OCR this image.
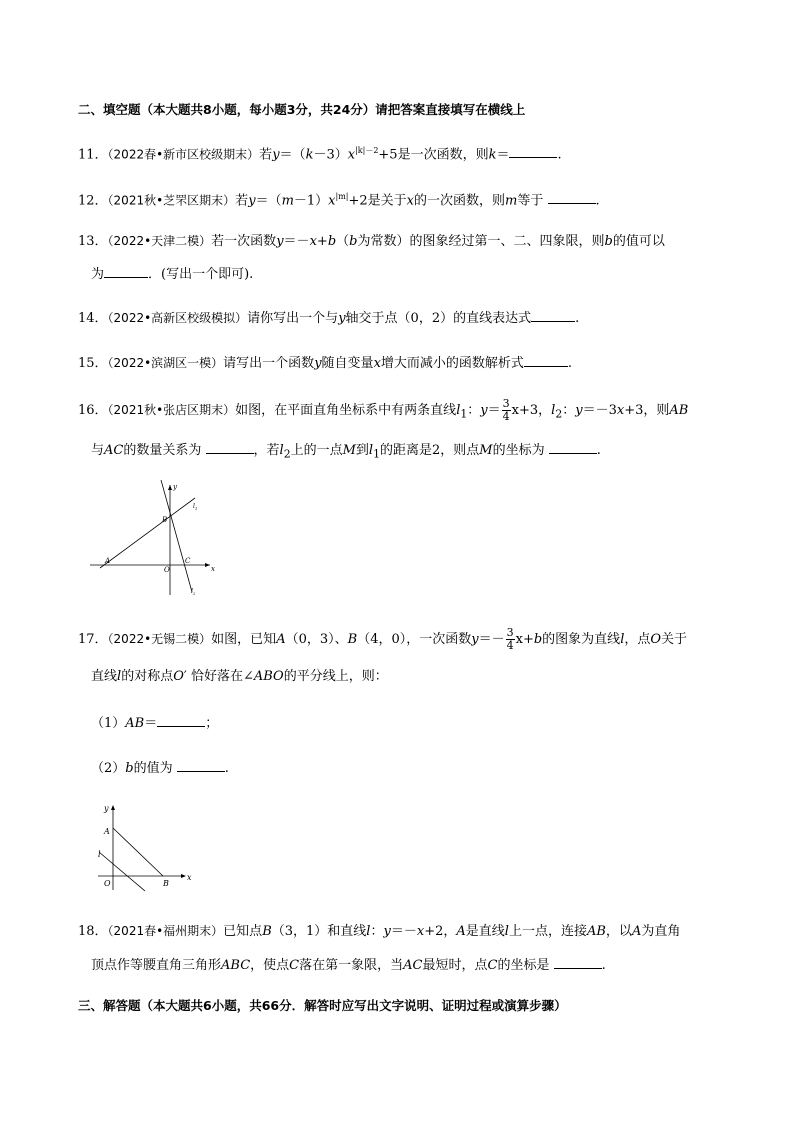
二、填空题（本大题共8小题，每小题3分，共24分）请把答案直接填写在横线上
11．（2022春•新市区校级期末）若$y=(k-3)x^{|k|-2}+5$是一次函数，则k＝	.
12．（2021秋•芝罘区期末）若$y=(m-1)x^{|m|}+2$是关于x的一次函数，则m等于	.
13．（2022•天津二模）若一次函数y＝－x+b（b为常数）的图象经过第一、二、四象限，则b的值可以
为	．(写出一个即可).
14．（2022•高新区校级模拟）请你写出一个与y轴交于点（0，2）的直线表达式	.
15．（2022•滨湖区一模）请写出一个函数y随自变量x增大而减小的函数解析式	.
16．（2021秋•张店区期末）如图，在平面直角坐标系中有两条直线$l_1$：$y= \frac{3}{4} x+3$，$l_2$：y＝－3x+3，则AB
与AC的数量关系为	，若$l_2$上的一点M到$l_1$的距离是2，则点M的坐标为	.
y
x
B
A
O
C
$l_1$
$l_2$
17．（2022•无锡二模）如图，已知A（0，3）、B（4，0），一次函数$y=- \frac{3}{4} x+b$的图象为直线l，点O关于
直线l的对称点O′ 恰好落在∠ABO的平分线上，则：
（1）AB＝	；
（2）b的值为	.
y
A
l
O	B
x
18．（2021春•福州期末）已知点B（3，1）和直线l：y＝－x+2，A是直线l上一点，连接AB，以A为直角
顶点作等腰直角三角形ABC，使点C落在第一象限，当AC最短时，点C的坐标是	.
三、解答题（本大题共6小题，共66分．解答时应写出文字说明、证明过程或演算步骤）
